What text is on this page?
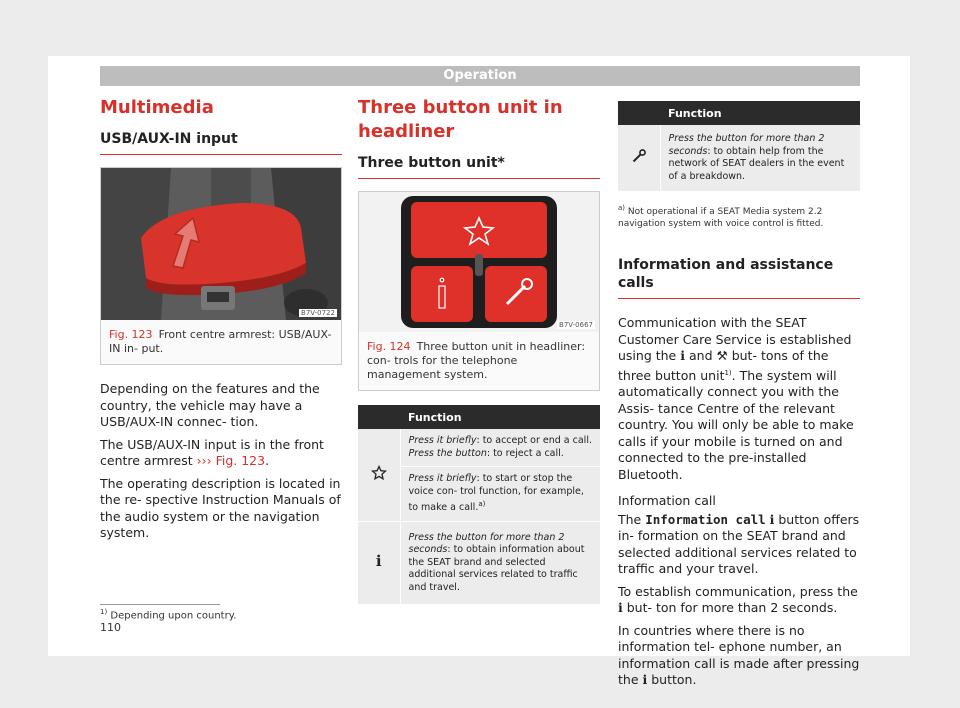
Operation
Multimedia
USB/AUX-IN input
B7V-0722
Fig. 123 Front centre armrest: USB/AUX-IN in- put.

Depending on the features and the country, the vehicle may have a USB/AUX-IN connec- tion.

The USB/AUX-IN input is in the front centre armrest ››› Fig. 123.

The operating description is located in the re- spective Instruction Manuals of the audio system or the navigation system.

Three button unit in headliner
Three button unit*
B7V-0667
Fig. 124 Three button unit in headliner: con- trols for the telephone management system.
	Function
	Press it briefly: to accept or end a call.
Press the button: to reject a call.
	Press it briefly: to start or stop the voice con- trol function, for example, to make a call.$^{a)}$
ℹ	Press the button for more than 2 seconds: to obtain information about the SEAT brand and selected additional services related to traffic and travel.
	Function
	Press the button for more than 2 seconds: to obtain help from the network of SEAT dealers in the event of a breakdown.

$^{a)}$ Not operational if a SEAT Media system 2.2 navigation system with voice control is fitted.

Information and assistance calls

Communication with the SEAT Customer Care Service is established using the ℹ and ⚒ but- tons of the three button unit$^{1)}$. The system will automatically connect you with the Assis- tance Centre of the relevant country. You will only be able to make calls if your mobile is turned on and connected to the pre-installed Bluetooth.

Information call

The Information call ℹ button offers in- formation on the SEAT brand and selected additional services related to traffic and your travel.

To establish communication, press the ℹ but- ton for more than 2 seconds.

In countries where there is no information tel- ephone number, an information call is made after pressing the ℹ button.

$^{1)}$ Depending upon country.
110
